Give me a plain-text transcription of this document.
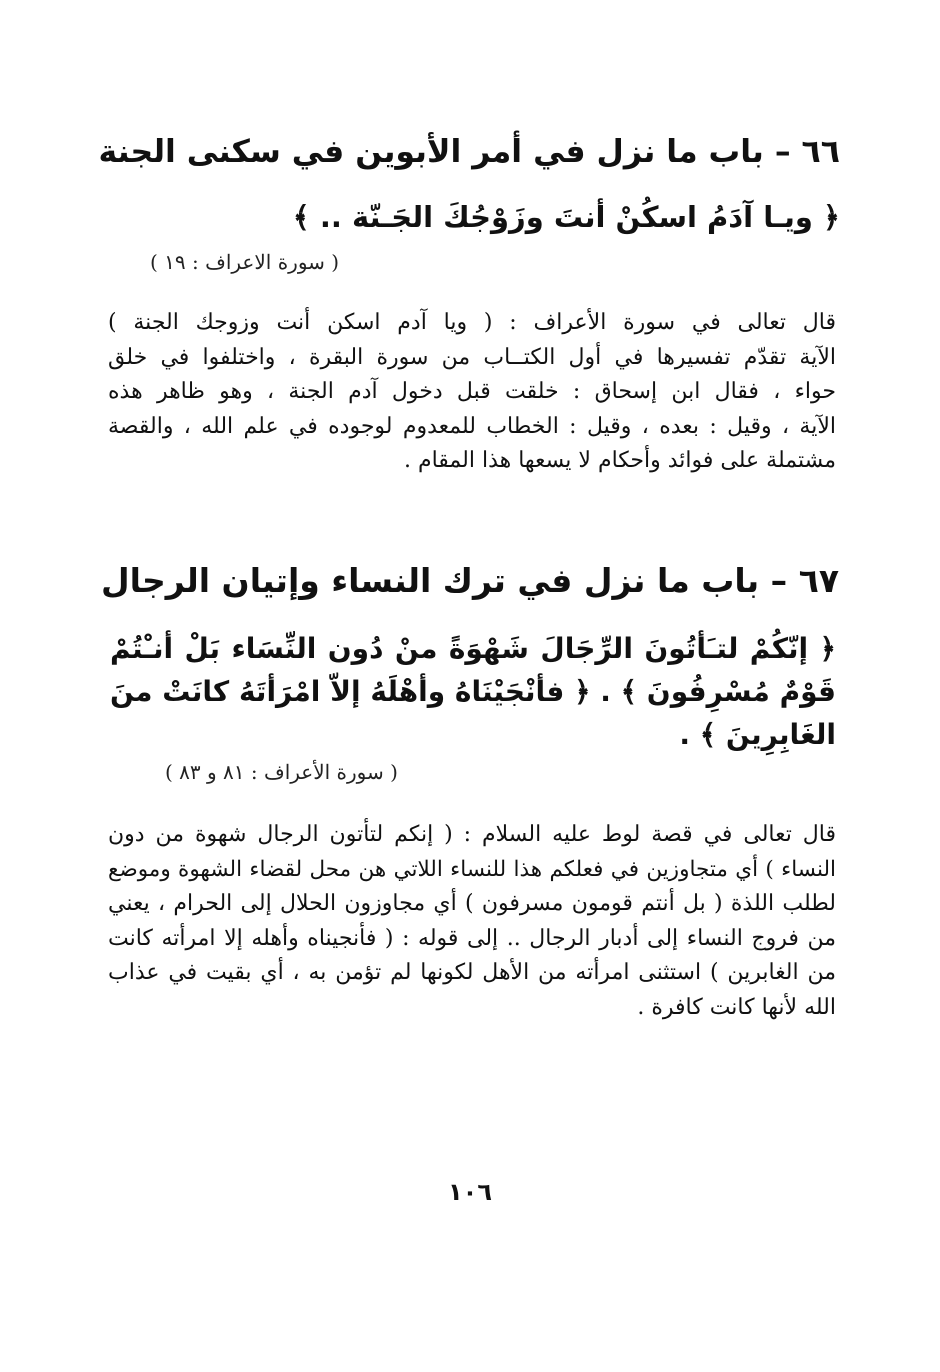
٦٦ – باب ما نزل في أمر الأبوين في سكنى الجنة
﴿ ويـا آدَمُ اسكُنْ أنتَ وزَوْجُكَ الجَـنّة .. ﴾
( سورة الاعراف : ١٩ )
قال تعالى في سورة الأعراف : ( ويا آدم اسكن أنت وزوجك الجنة )
الآية تقدّم تفسيرها في أول الكتــاب من سورة البقرة ، واختلفوا في خلق
حواء ، فقال ابن إسحاق : خلقت قبل دخول آدم الجنة ، وهو ظاهر هذه
الآية ، وقيل : بعده ، وقيل : الخطاب للمعدوم لوجوده في علم الله ، والقصة
مشتملة على فوائد وأحكام لا يسعها هذا المقام .
٦٧ – باب ما نزل في ترك النساء وإتيان الرجال
﴿ إنّكُمْ لتـَأتُونَ الرِّجَالَ شَهْوَةً منْ دُون النِّسَاء بَلْ أنـْتُمْ
قَوْمٌ مُسْرِفُونَ ﴾ . ﴿ فأنْجَيْنَاهُ وأهْلَهُ إلاّ امْرَأتَهُ كانَتْ منَ
الغَابِرِينَ ﴾ .
( سورة الأعراف : ٨١ و ٨٣ )
قال تعالى في قصة لوط عليه السلام : ( إنكم لتأتون الرجال شهوة من دون
النساء ) أي متجاوزين في فعلكم هذا للنساء اللاتي هن محل لقضاء الشهوة وموضع
لطلب اللذة ( بل أنتم قومون مسرفون ) أي مجاوزون الحلال إلى الحرام ، يعني
من فروج النساء إلى أدبار الرجال .. إلى قوله : ( فأنجيناه وأهله إلا امرأته كانت
من الغابرين ) استثنى امرأته من الأهل لكونها لم تؤمن به ، أي بقيت في عذاب
الله لأنها كانت كافرة .
١٠٦
